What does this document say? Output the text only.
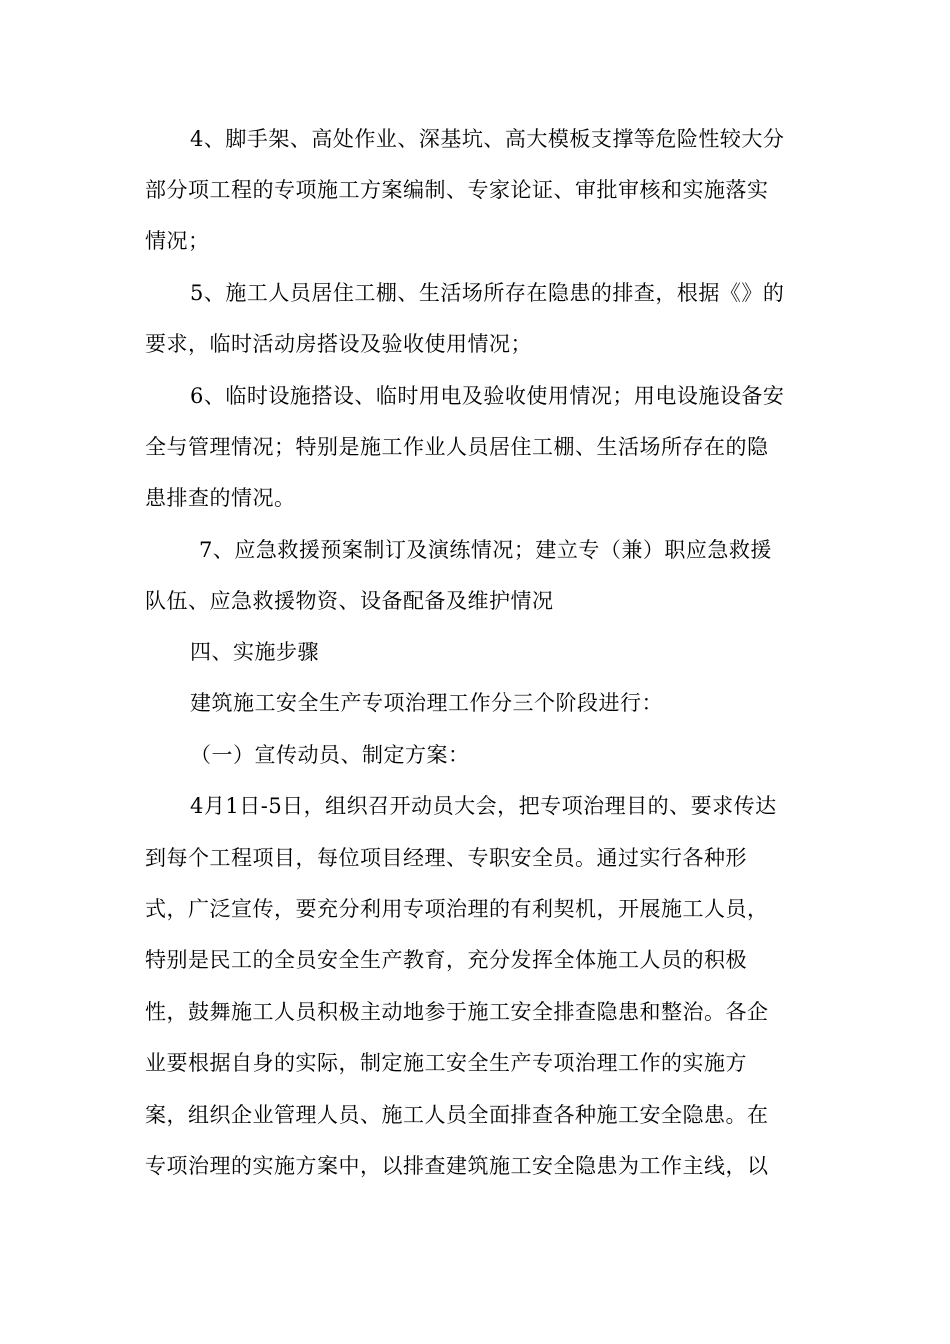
4、脚手架、高处作业、深基坑、高大模板支撑等危险性较大分
部分项工程的专项施工方案编制、专家论证、审批审核和实施落实
情况；
5、施工人员居住工棚、生活场所存在隐患的排查，根据《》的
要求，临时活动房搭设及验收使用情况；
6、临时设施搭设、临时用电及验收使用情况；用电设施设备安
全与管理情况；特别是施工作业人员居住工棚、生活场所存在的隐
患排查的情况。
7、应急救援预案制订及演练情况；建立专（兼）职应急救援
队伍、应急救援物资、设备配备及维护情况
四、实施步骤
建筑施工安全生产专项治理工作分三个阶段进行：
（一）宣传动员、制定方案：
4月1日-5日，组织召开动员大会，把专项治理目的、要求传达
到每个工程项目，每位项目经理、专职安全员。通过实行各种形
式，广泛宣传，要充分利用专项治理的有利契机，开展施工人员，
特别是民工的全员安全生产教育，充分发挥全体施工人员的积极
性，鼓舞施工人员积极主动地参于施工安全排查隐患和整治。各企
业要根据自身的实际，制定施工安全生产专项治理工作的实施方
案，组织企业管理人员、施工人员全面排查各种施工安全隐患。在
专项治理的实施方案中，以排查建筑施工安全隐患为工作主线，以
